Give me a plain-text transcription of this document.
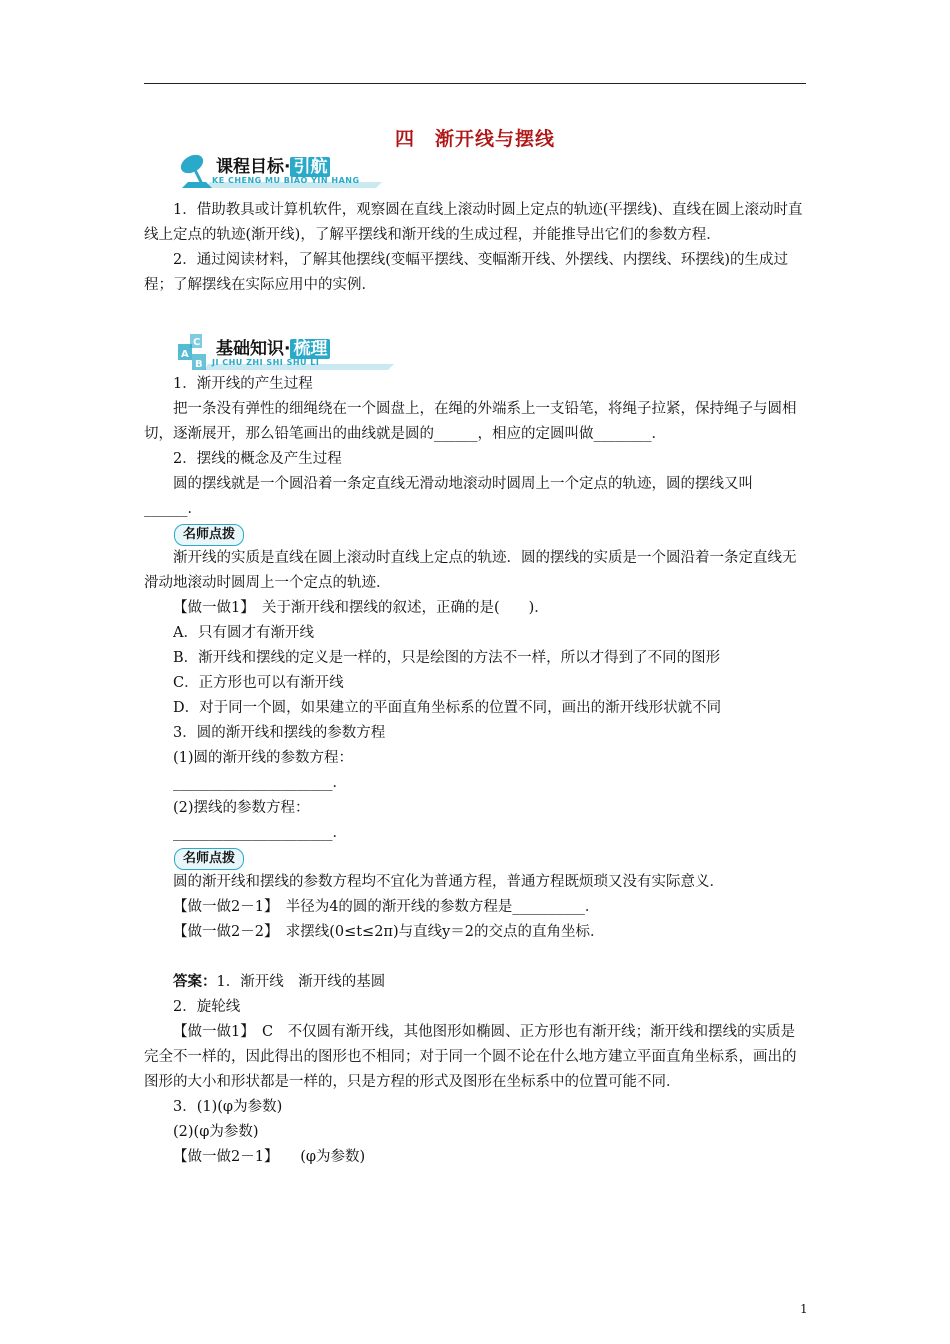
四　渐开线与摆线
课程目标· 引航
KE CHENG MU BIAO YIN HANG
A
C
B
基础知识· 梳理
JI CHU ZHI SHI SHU LI

1．借助教具或计算机软件，观察圆在直线上滚动时圆上定点的轨迹(平摆线)、直线在圆上滚动时直线上定点的轨迹(渐开线)，了解平摆线和渐开线的生成过程，并能推导出它们的参数方程．

2．通过阅读材料，了解其他摆线(变幅平摆线、变幅渐开线、外摆线、内摆线、环摆线)的生成过程；了解摆线在实际应用中的实例．

1．渐开线的产生过程

把一条没有弹性的细绳绕在一个圆盘上，在绳的外端系上一支铅笔，将绳子拉紧，保持绳子与圆相切，逐渐展开，那么铅笔画出的曲线就是圆的______，相应的定圆叫做________．

2．摆线的概念及产生过程

圆的摆线就是一个圆沿着一条定直线无滑动地滚动时圆周上一个定点的轨迹，圆的摆线又叫______．

名师点拨

渐开线的实质是直线在圆上滚动时直线上定点的轨迹．圆的摆线的实质是一个圆沿着一条定直线无滑动地滚动时圆周上一个定点的轨迹．

【做一做1】　关于渐开线和摆线的叙述，正确的是(　　)．

A．只有圆才有渐开线

B．渐开线和摆线的定义是一样的，只是绘图的方法不一样，所以才得到了不同的图形

C．正方形也可以有渐开线

D．对于同一个圆，如果建立的平面直角坐标系的位置不同，画出的渐开线形状就不同

3．圆的渐开线和摆线的参数方程

(1)圆的渐开线的参数方程：

______________________．

(2)摆线的参数方程：

______________________．

名师点拨

圆的渐开线和摆线的参数方程均不宜化为普通方程，普通方程既烦琐又没有实际意义．

【做一做2－1】　半径为4的圆的渐开线的参数方程是__________．

【做一做2－2】　求摆线(0≤t≤2π)与直线y＝2的交点的直角坐标．

答案：1．渐开线　渐开线的基圆

2．旋轮线

【做一做1】　C　不仅圆有渐开线，其他图形如椭圆、正方形也有渐开线；渐开线和摆线的实质是完全不一样的，因此得出的图形也不相同；对于同一个圆不论在什么地方建立平面直角坐标系，画出的图形的大小和形状都是一样的，只是方程的形式及图形在坐标系中的位置可能不同．

3．(1)(φ为参数)

(2)(φ为参数)

【做一做2－1】　　(φ为参数)

1
